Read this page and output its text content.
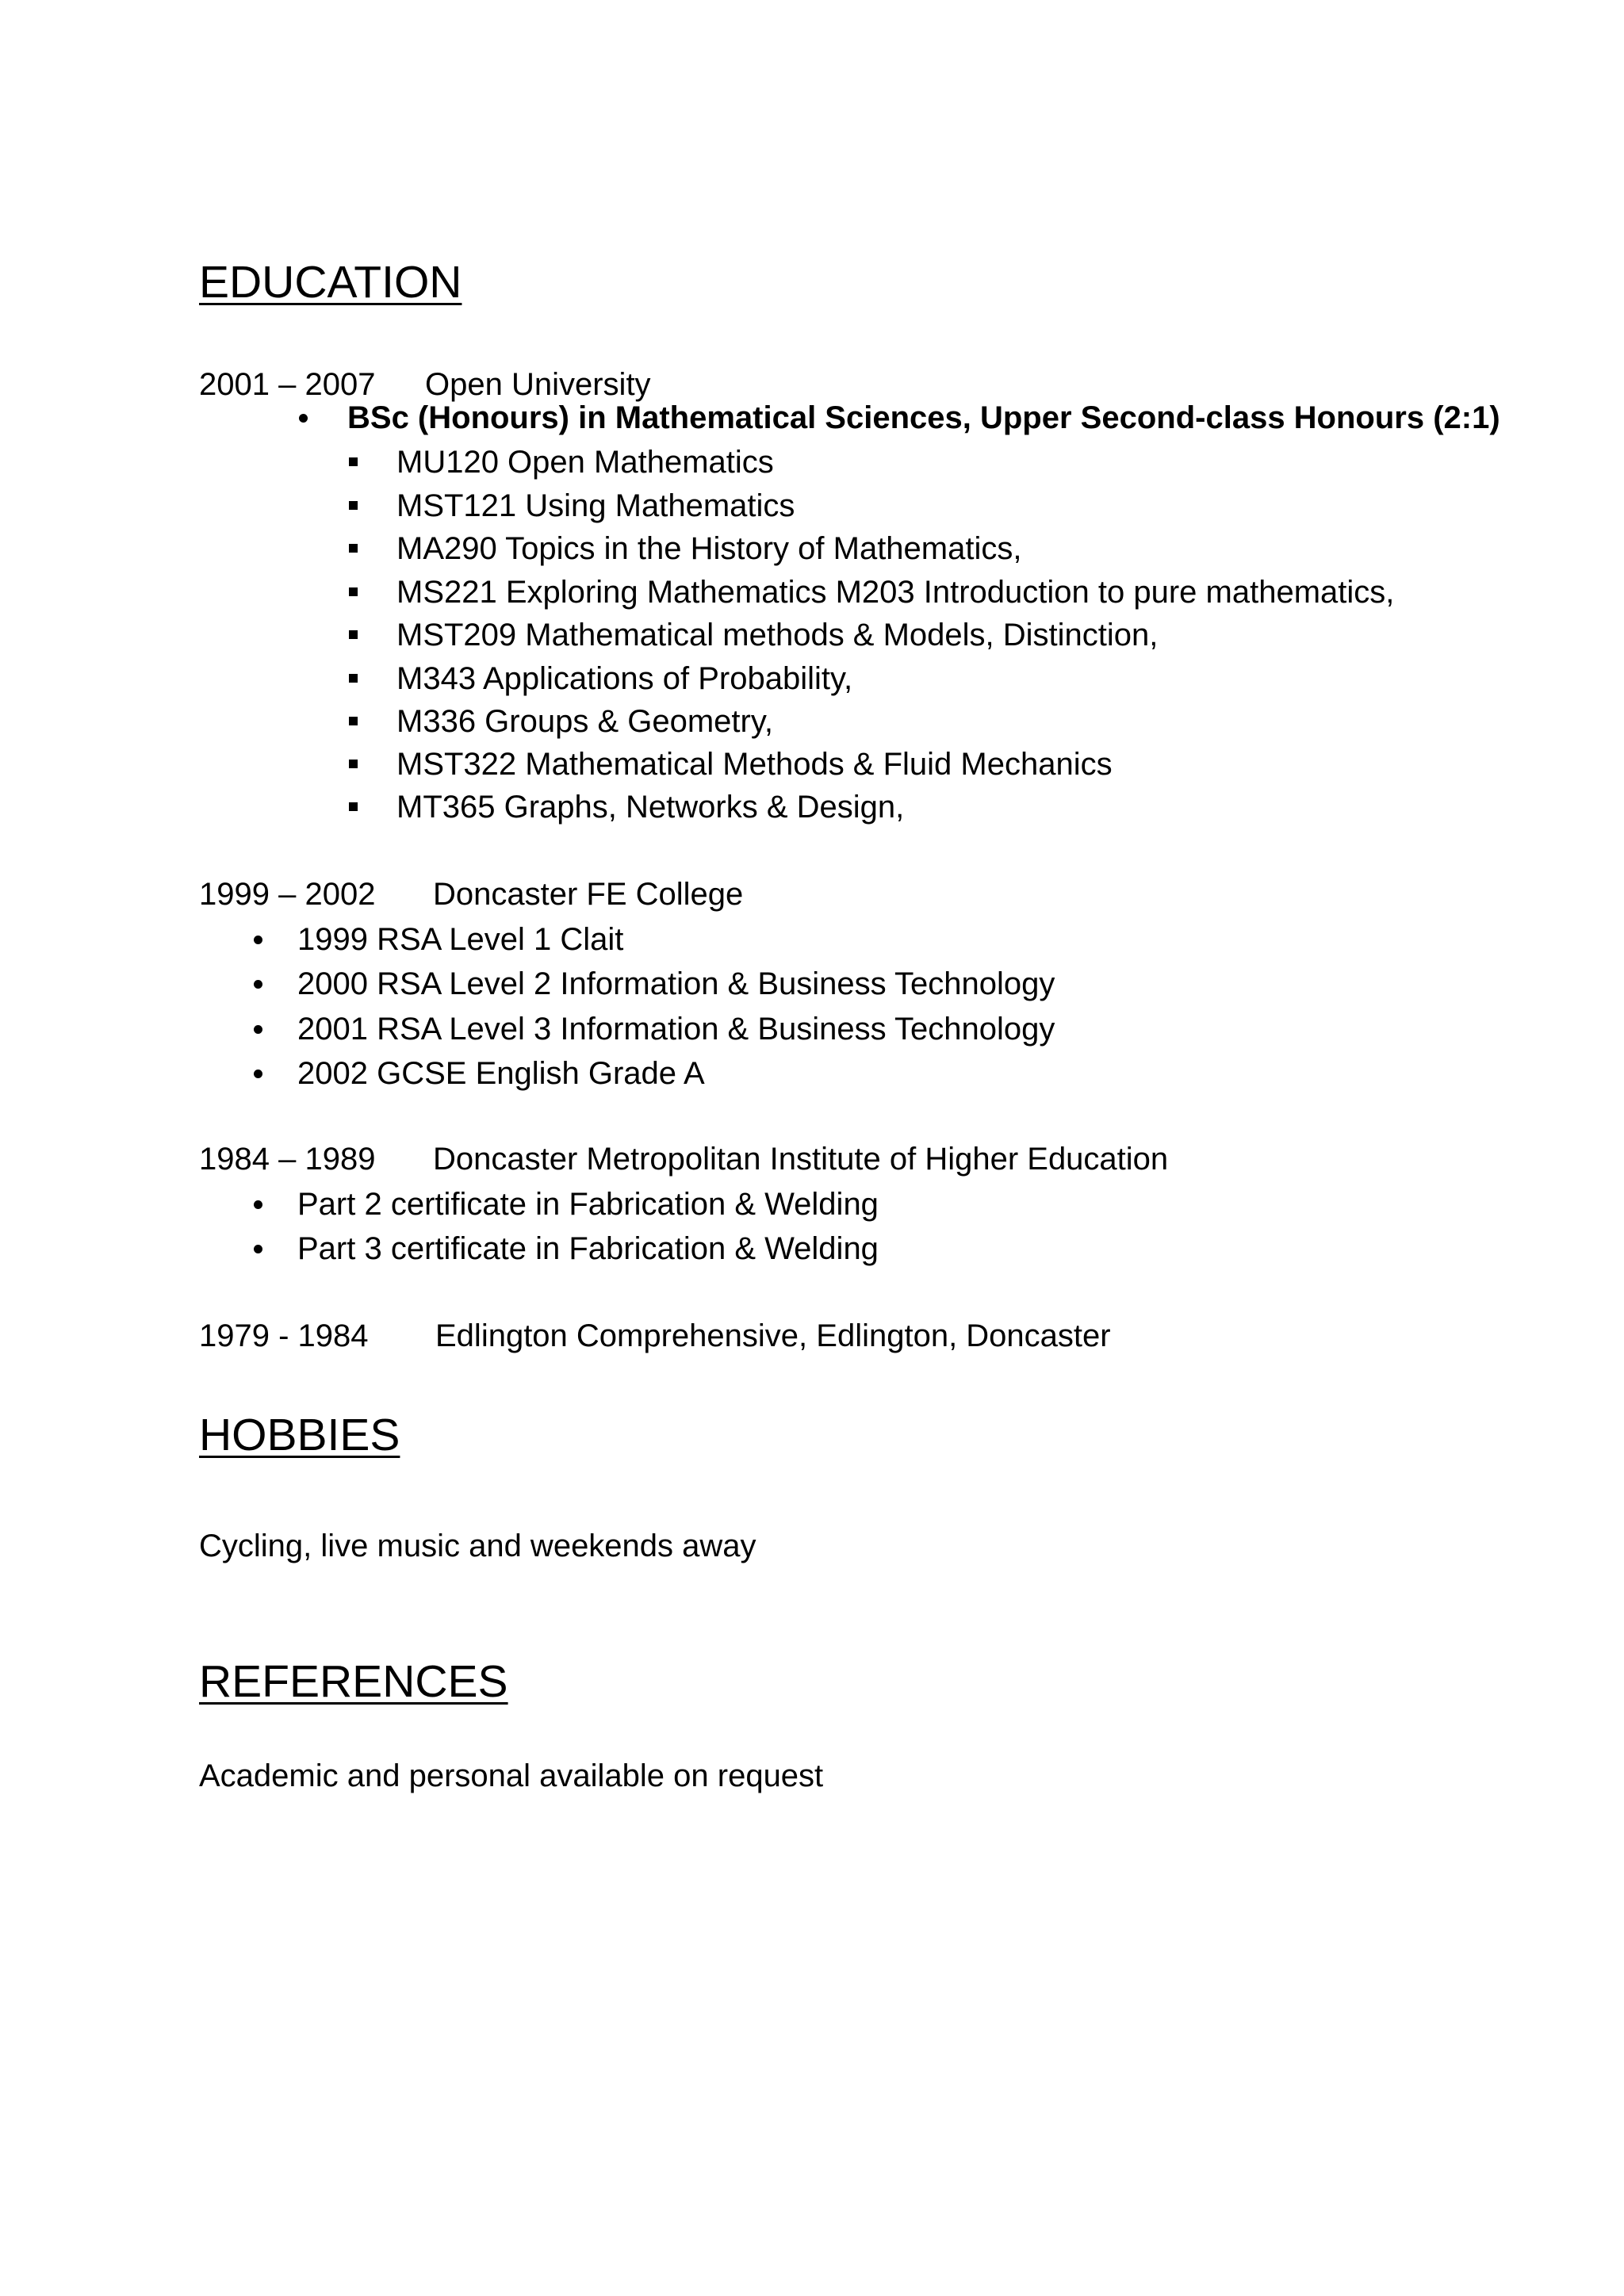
EDUCATION
2001 – 2007 Open University
BSc (Honours) in Mathematical Sciences, Upper Second-class Honours (2:1)
MU120 Open Mathematics
MST121 Using Mathematics
MA290 Topics in the History of Mathematics,
MS221 Exploring Mathematics M203 Introduction to pure mathematics,
MST209 Mathematical methods & Models, Distinction,
M343 Applications of Probability,
M336 Groups & Geometry,
MST322 Mathematical Methods & Fluid Mechanics
MT365 Graphs, Networks & Design,
1999 – 2002 Doncaster FE College
1999 RSA Level 1 Clait
2000 RSA Level 2 Information & Business Technology
2001 RSA Level 3 Information & Business Technology
2002 GCSE English Grade A
1984 – 1989 Doncaster Metropolitan Institute of Higher Education
Part 2 certificate in Fabrication & Welding
Part 3 certificate in Fabrication & Welding
1979 - 1984 Edlington Comprehensive, Edlington, Doncaster
HOBBIES
Cycling, live music and weekends away
REFERENCES
Academic and personal available on request
